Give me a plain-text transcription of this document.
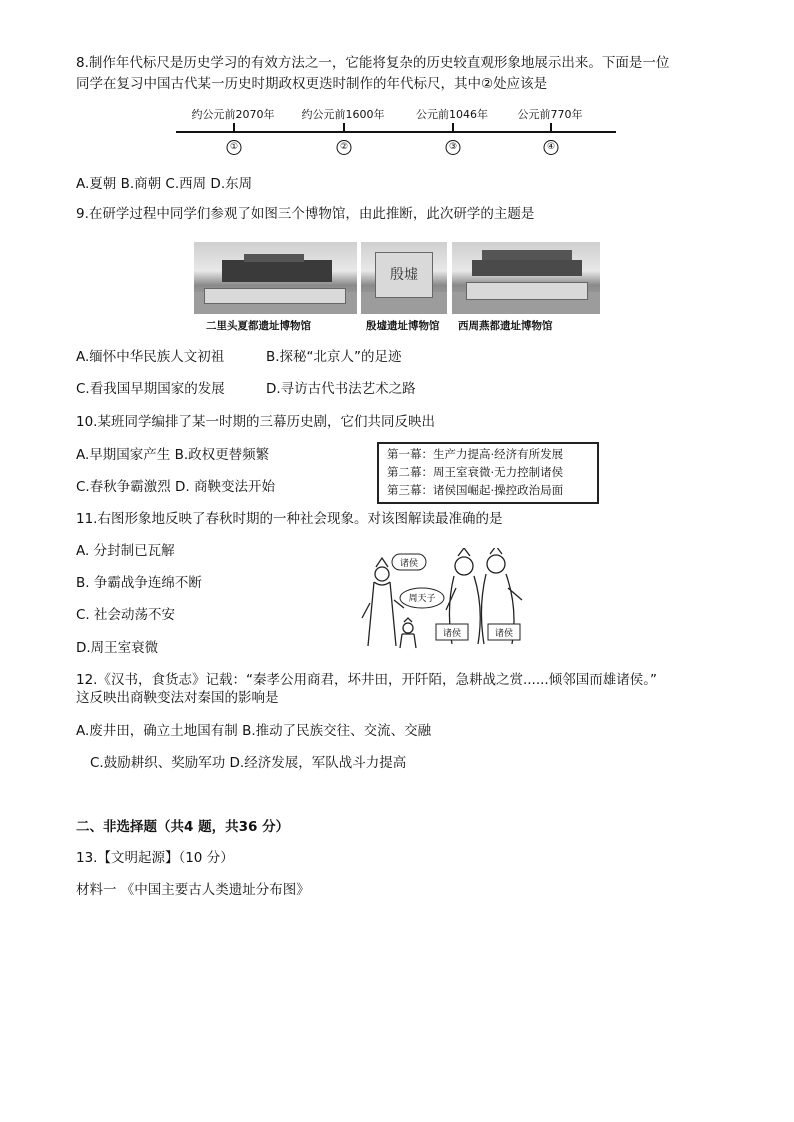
8.制作年代标尺是历史学习的有效方法之一，它能将复杂的历史较直观形象地展示出来。下面是一位
同学在复习中国古代某一历史时期政权更迭时制作的年代标尺，其中②处应该是
约公元前2070年 约公元前1600年	公元前1046年	公元前770年
①	②	③	④
A.夏朝 B.商朝 C.西周 D.东周
9.在研学过程中同学们参观了如图三个博物馆，由此推断，此次研学的主题是
殷墟
二里头夏都遗址博物馆	殷墟遗址博物馆 西周燕都遗址博物馆
A.缅怀中华民族人文初祖	B.探秘“北京人”的足迹
C.看我国早期国家的发展	D.寻访古代书法艺术之路
10.某班同学编排了某一时期的三幕历史剧，它们共同反映出
A.早期国家产生 B.政权更替频繁
C.春秋争霸激烈 D. 商鞅变法开始
第一幕：生产力提高·经济有所发展
第二幕：周王室衰微·无力控制诸侯
第三幕：诸侯国崛起·操控政治局面
11.右图形象地反映了春秋时期的一种社会现象。对该图解读最准确的是
A. 分封制已瓦解
B. 争霸战争连绵不断
C. 社会动荡不安
D.周王室衰微
诸侯
周天子
诸侯	诸侯
12.《汉书，食货志》记载：“秦孝公用商君，坏井田，开阡陌，急耕战之赏......倾邻国而雄诸侯。”
这反映出商鞅变法对秦国的影响是
A.废井田，确立土地国有制 B.推动了民族交往、交流、交融
C.鼓励耕织、奖励军功 D.经济发展，军队战斗力提高
二、非选择题（共4 题，共36 分）
13.【文明起源】（10 分）
材料一 《中国主要古人类遗址分布图》
